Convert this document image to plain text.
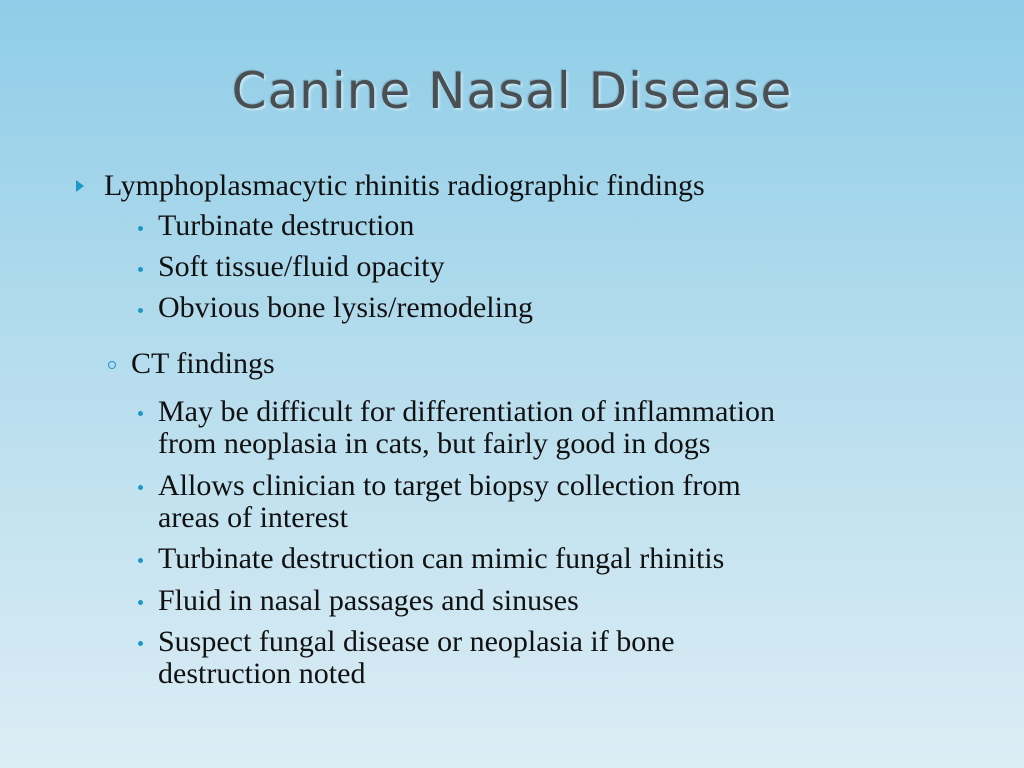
Canine Nasal Disease
Lymphoplasmacytic rhinitis radiographic findings
Turbinate destruction
Soft tissue/fluid opacity
Obvious bone lysis/remodeling
CT findings
May be difficult for differentiation of inflammation
from neoplasia in cats, but fairly good in dogs
Allows clinician to target biopsy collection from
areas of interest
Turbinate destruction can mimic fungal rhinitis
Fluid in nasal passages and sinuses
Suspect fungal disease or neoplasia if bone
destruction noted
